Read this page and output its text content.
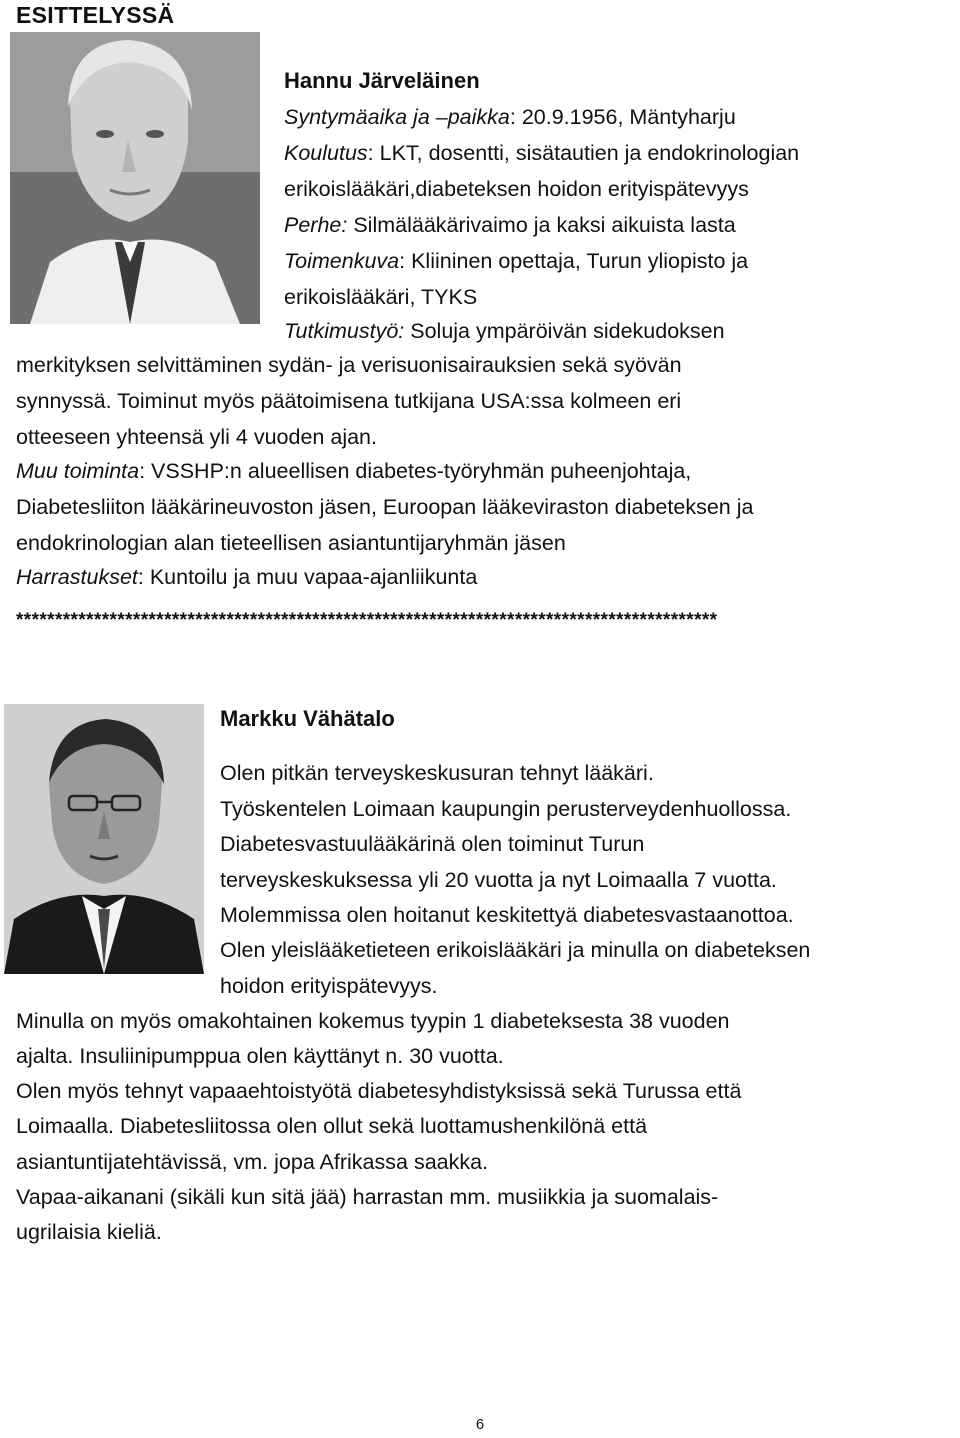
ESITTELYSSÄ
Hannu Järveläinen
Syntymäaika ja –paikka: 20.9.1956, Mäntyharju
Koulutus: LKT, dosentti, sisätautien ja endokrinologian
erikoislääkäri,diabeteksen hoidon erityispätevyys
Perhe: Silmälääkärivaimo ja kaksi aikuista lasta
Toimenkuva: Kliininen opettaja, Turun yliopisto ja
erikoislääkäri, TYKS
Tutkimustyö: Soluja ympäröivän sidekudoksen
merkityksen selvittäminen sydän- ja verisuonisairauksien sekä syövän
synnyssä. Toiminut myös päätoimisena tutkijana USA:ssa kolmeen eri
otteeseen yhteensä yli 4 vuoden ajan.
Muu toiminta: VSSHP:n alueellisen diabetes-työryhmän puheenjohtaja,
Diabetesliiton lääkärineuvoston jäsen, Euroopan lääkeviraston diabeteksen ja
endokrinologian alan tieteellisen asiantuntijaryhmän jäsen
Harrastukset: Kuntoilu ja muu vapaa-ajanliikunta
******************************************************************************************
Markku Vähätalo
Olen pitkän terveyskeskusuran tehnyt lääkäri.
Työskentelen Loimaan kaupungin perusterveydenhuollossa.
Diabetesvastuulääkärinä olen toiminut Turun
terveyskeskuksessa yli 20 vuotta ja nyt Loimaalla 7 vuotta.
Molemmissa olen hoitanut keskitettyä diabetesvastaanottoa.
Olen yleislääketieteen erikoislääkäri ja minulla on diabeteksen
hoidon erityispätevyys.
Minulla on myös omakohtainen kokemus tyypin 1 diabeteksesta 38 vuoden
ajalta. Insuliinipumppua olen käyttänyt n. 30 vuotta.
Olen myös tehnyt vapaaehtoistyötä diabetesyhdistyksissä sekä Turussa että
Loimaalla. Diabetesliitossa olen ollut sekä luottamushenkilönä että
asiantuntijatehtävissä, vm. jopa Afrikassa saakka.
Vapaa-aikanani (sikäli kun sitä jää) harrastan mm. musiikkia ja suomalais-
ugrilaisia kieliä.
6
